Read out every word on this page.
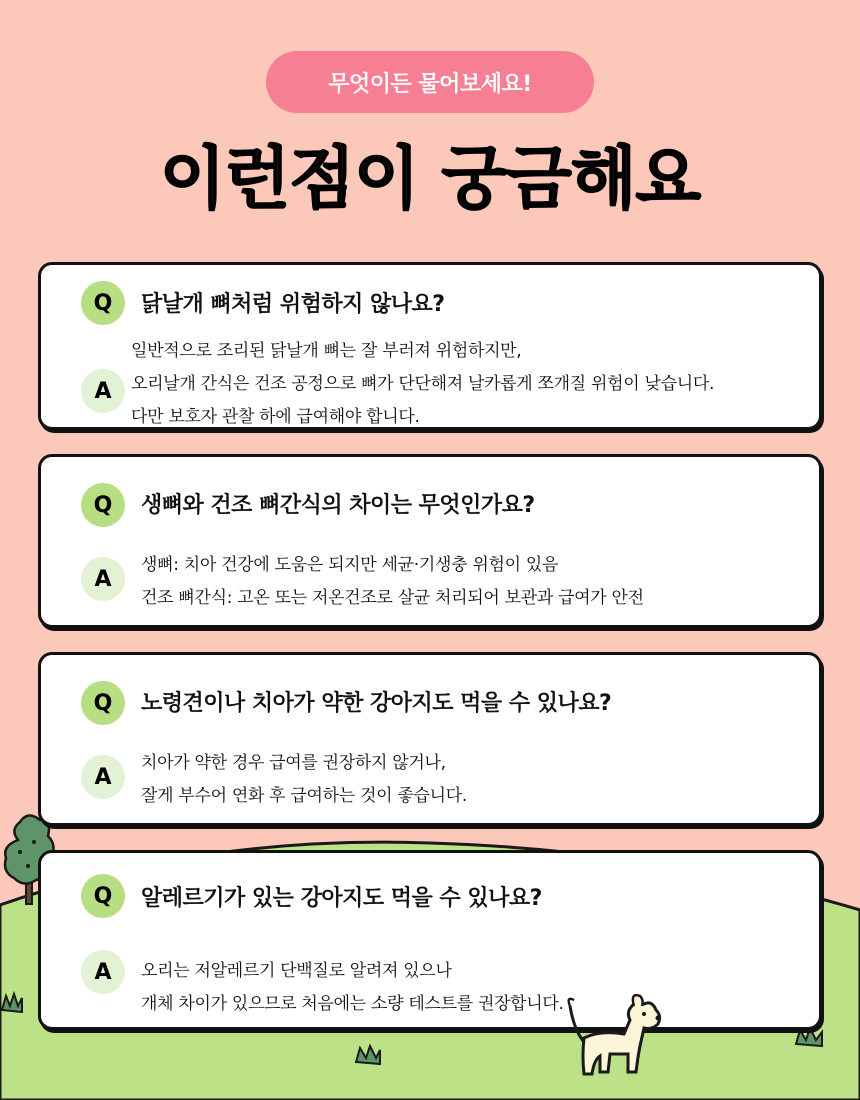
무엇이든 물어보세요!
이런점이 궁금해요
Q	닭날개 뼈처럼 위험하지 않나요?
A
일반적으로 조리된 닭날개 뼈는 잘 부러져 위험하지만,
오리날개 간식은 건조 공정으로 뼈가 단단해져 날카롭게 쪼개질 위험이 낮습니다.
다만 보호자 관찰 하에 급여해야 합니다.
Q	생뼈와 건조 뼈간식의 차이는 무엇인가요?
A
생뼈: 치아 건강에 도움은 되지만 세균·기생충 위험이 있음
건조 뼈간식: 고온 또는 저온건조로 살균 처리되어 보관과 급여가 안전
Q	노령견이나 치아가 약한 강아지도 먹을 수 있나요?
A
치아가 약한 경우 급여를 권장하지 않거나,
잘게 부수어 연화 후 급여하는 것이 좋습니다.
Q	알레르기가 있는 강아지도 먹을 수 있나요?
A	오리는 저알레르기 단백질로 알려져 있으나
개체 차이가 있으므로 처음에는 소량 테스트를 권장합니다.
